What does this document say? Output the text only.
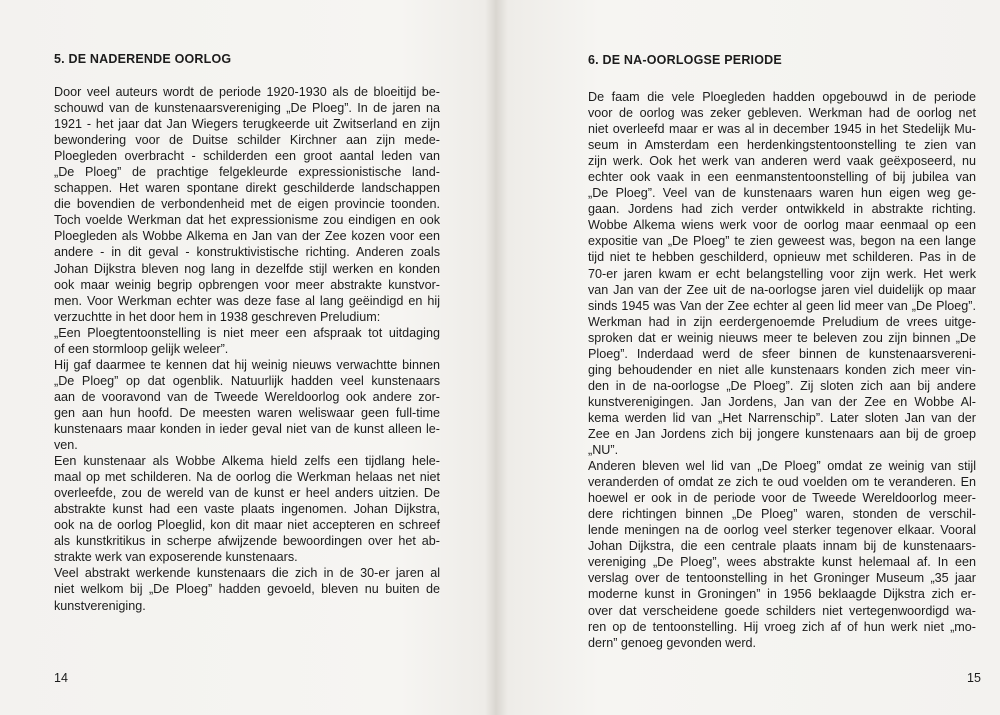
5. DE NADERENDE OORLOG

Door veel auteurs wordt de periode 1920-1930 als de bloeitijd be-
schouwd van de kunstenaarsvereniging „De Ploeg”. In de jaren na
1921 - het jaar dat Jan Wiegers terugkeerde uit Zwitserland en zijn
bewondering voor de Duitse schilder Kirchner aan zijn mede-
Ploegleden overbracht - schilderden een groot aantal leden van
„De Ploeg” de prachtige felgekleurde expressionistische land-
schappen. Het waren spontane direkt geschilderde landschappen
die bovendien de verbondenheid met de eigen provincie toonden.
Toch voelde Werkman dat het expressionisme zou eindigen en ook
Ploegleden als Wobbe Alkema en Jan van der Zee kozen voor een
andere - in dit geval - konstruktivistische richting. Anderen zoals
Johan Dijkstra bleven nog lang in dezelfde stijl werken en konden
ook maar weinig begrip opbrengen voor meer abstrakte kunstvor-
men. Voor Werkman echter was deze fase al lang geëindigd en hij
verzuchtte in het door hem in 1938 geschreven Preludium:
„Een Ploegtentoonstelling is niet meer een afspraak tot uitdaging
of een stormloop gelijk weleer”.
Hij gaf daarmee te kennen dat hij weinig nieuws verwachtte binnen
„De Ploeg” op dat ogenblik. Natuurlijk hadden veel kunstenaars
aan de vooravond van de Tweede Wereldoorlog ook andere zor-
gen aan hun hoofd. De meesten waren weliswaar geen full-time
kunstenaars maar konden in ieder geval niet van de kunst alleen le-
ven.
Een kunstenaar als Wobbe Alkema hield zelfs een tijdlang hele-
maal op met schilderen. Na de oorlog die Werkman helaas net niet
overleefde, zou de wereld van de kunst er heel anders uitzien. De
abstrakte kunst had een vaste plaats ingenomen. Johan Dijkstra,
ook na de oorlog Ploeglid, kon dit maar niet accepteren en schreef
als kunstkritikus in scherpe afwijzende bewoordingen over het ab-
strakte werk van exposerende kunstenaars.
Veel abstrakt werkende kunstenaars die zich in de 30-er jaren al
niet welkom bij „De Ploeg” hadden gevoeld, bleven nu buiten de
kunstvereniging.

14
6. DE NA-OORLOGSE PERIODE

De faam die vele Ploegleden hadden opgebouwd in de periode
voor de oorlog was zeker gebleven. Werkman had de oorlog net
niet overleefd maar er was al in december 1945 in het Stedelijk Mu-
seum in Amsterdam een herdenkingstentoonstelling te zien van
zijn werk. Ook het werk van anderen werd vaak geëxposeerd, nu
echter ook vaak in een eenmanstentoonstelling of bij jubilea van
„De Ploeg”. Veel van de kunstenaars waren hun eigen weg ge-
gaan. Jordens had zich verder ontwikkeld in abstrakte richting.
Wobbe Alkema wiens werk voor de oorlog maar eenmaal op een
expositie van „De Ploeg” te zien geweest was, begon na een lange
tijd niet te hebben geschilderd, opnieuw met schilderen. Pas in de
70-er jaren kwam er echt belangstelling voor zijn werk. Het werk
van Jan van der Zee uit de na-oorlogse jaren viel duidelijk op maar
sinds 1945 was Van der Zee echter al geen lid meer van „De Ploeg”.
Werkman had in zijn eerdergenoemde Preludium de vrees uitge-
sproken dat er weinig nieuws meer te beleven zou zijn binnen „De
Ploeg”. Inderdaad werd de sfeer binnen de kunstenaarsvereni-
ging behoudender en niet alle kunstenaars konden zich meer vin-
den in de na-oorlogse „De Ploeg”. Zij sloten zich aan bij andere
kunstverenigingen. Jan Jordens, Jan van der Zee en Wobbe Al-
kema werden lid van „Het Narrenschip”. Later sloten Jan van der
Zee en Jan Jordens zich bij jongere kunstenaars aan bij de groep
„NU”.
Anderen bleven wel lid van „De Ploeg” omdat ze weinig van stijl
veranderden of omdat ze zich te oud voelden om te veranderen. En
hoewel er ook in de periode voor de Tweede Wereldoorlog meer-
dere richtingen binnen „De Ploeg” waren, stonden de verschil-
lende meningen na de oorlog veel sterker tegenover elkaar. Vooral
Johan Dijkstra, die een centrale plaats innam bij de kunstenaars-
vereniging „De Ploeg”, wees abstrakte kunst helemaal af. In een
verslag over de tentoonstelling in het Groninger Museum „35 jaar
moderne kunst in Groningen” in 1956 beklaagde Dijkstra zich er-
over dat verscheidene goede schilders niet vertegenwoordigd wa-
ren op de tentoonstelling. Hij vroeg zich af of hun werk niet „mo-
dern” genoeg gevonden werd.

15
